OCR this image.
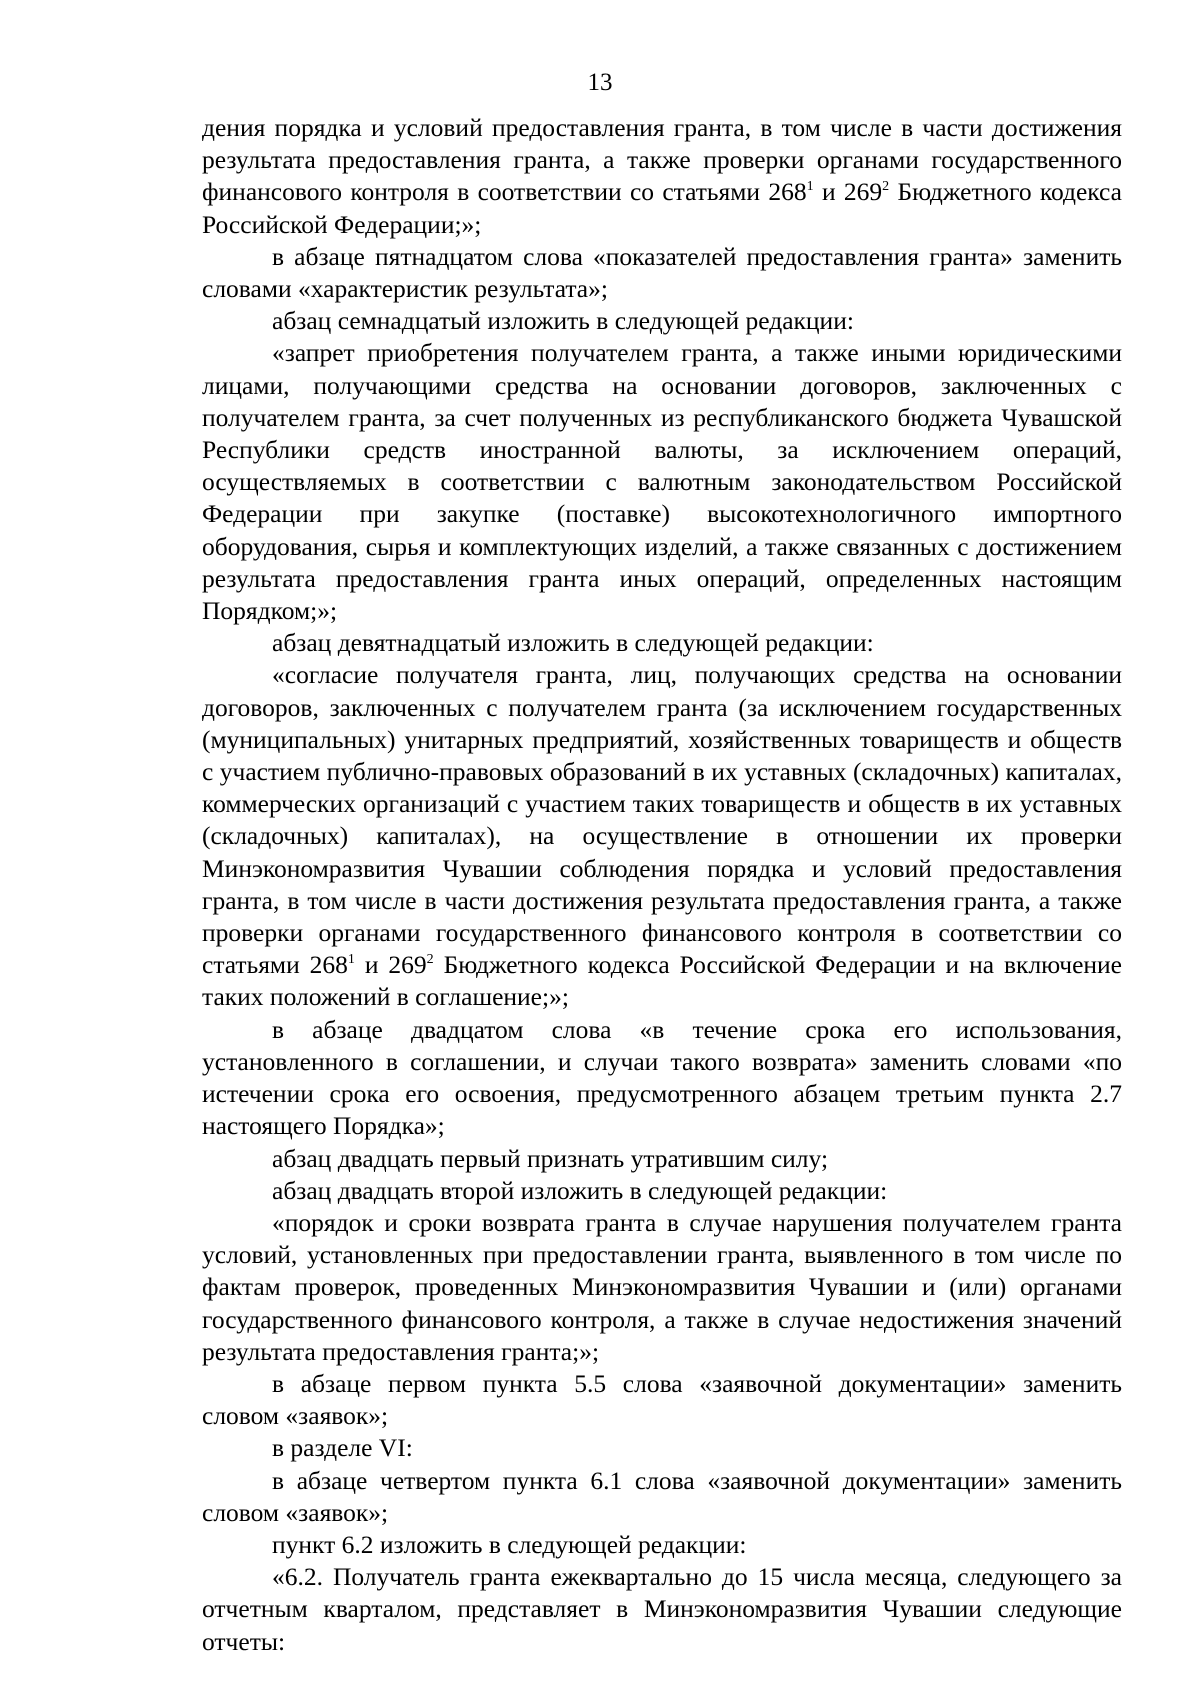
13

дения порядка и условий предоставления гранта, в том числе в части достижения результата предоставления гранта, а также проверки органами государственного финансового контроля в соответствии со статьями $268^1$ и $269^2$ Бюджетного кодекса Российской Федерации;»;

в абзаце пятнадцатом слова «показателей предоставления гранта» заменить словами «характеристик результата»;

абзац семнадцатый изложить в следующей редакции:

«запрет приобретения получателем гранта, а также иными юридическими лицами, получающими средства на основании договоров, заключенных с получателем гранта, за счет полученных из республиканского бюджета Чувашской Республики средств иностранной валюты, за исключением операций, осуществляемых в соответствии с валютным законодательством Российской Федерации при закупке (поставке) высокотехнологичного импортного оборудования, сырья и комплектующих изделий, а также связанных с достижением результата предоставления гранта иных операций, определенных настоящим Порядком;»;

абзац девятнадцатый изложить в следующей редакции:

«согласие получателя гранта, лиц, получающих средства на основании договоров, заключенных с получателем гранта (за исключением государственных (муниципальных) унитарных предприятий, хозяйственных товариществ и обществ с участием публично-правовых образований в их уставных (складочных) капиталах, коммерческих организаций с участием таких товариществ и обществ в их уставных (складочных) капиталах), на осуществление в отношении их проверки Минэкономразвития Чувашии соблюдения порядка и условий предоставления гранта, в том числе в части достижения результата предоставления гранта, а также проверки органами государственного финансового контроля в соответствии со статьями $268^1$ и $269^2$ Бюджетного кодекса Российской Федерации и на включение таких положений в соглашение;»;

в абзаце двадцатом слова «в течение срока его использования, установленного в соглашении, и случаи такого возврата» заменить словами «по истечении срока его освоения, предусмотренного абзацем третьим пункта 2.7 настоящего Порядка»;

абзац двадцать первый признать утратившим силу;

абзац двадцать второй изложить в следующей редакции:

«порядок и сроки возврата гранта в случае нарушения получателем гранта условий, установленных при предоставлении гранта, выявленного в том числе по фактам проверок, проведенных Минэкономразвития Чувашии и (или) органами государственного финансового контроля, а также в случае недостижения значений результата предоставления гранта;»;

в абзаце первом пункта 5.5 слова «заявочной документации» заменить словом «заявок»;

в разделе VI:

в абзаце четвертом пункта 6.1 слова «заявочной документации» заменить словом «заявок»;

пункт 6.2 изложить в следующей редакции:

«6.2. Получатель гранта ежеквартально до 15 числа месяца, следующего за отчетным кварталом, представляет в Минэкономразвития Чувашии следующие отчеты:
